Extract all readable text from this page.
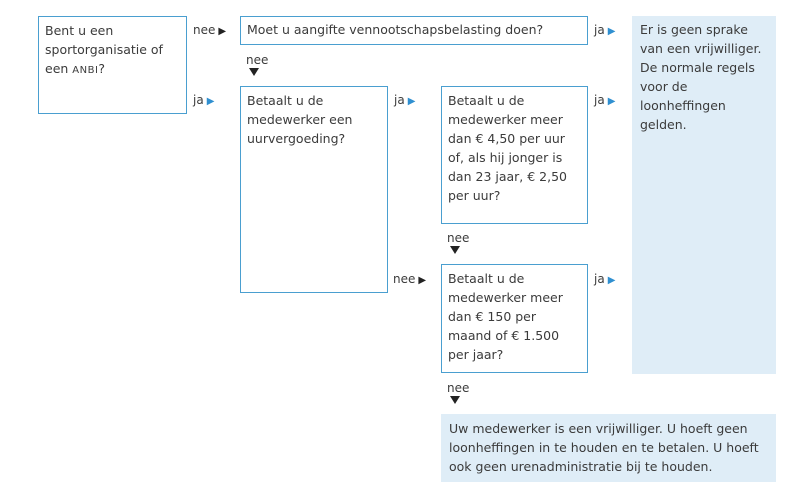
Bent u een
sportorganisatie of
een ANBI?
nee ▶	Moet u aangifte vennootschapsbelasting doen?	ja ▶
nee
ja ▶	Betaalt u de medewerker een uurvergoeding?
ja ▶	Betaalt u de medewerker meer dan € 4,50 per uur of, als hij jonger is dan 23 jaar, € 2,50 per uur?
ja ▶
Er is geen sprake van een vrijwilliger. De normale regels voor de loonheffingen gelden.
nee
nee ▶	Betaalt u de medewerker meer dan € 150 per maand of € 1.500 per jaar?
ja ▶
nee
Uw medewerker is een vrijwilliger. U hoeft geen loonheffingen in te houden en te betalen. U hoeft ook geen urenadministratie bij te houden.
